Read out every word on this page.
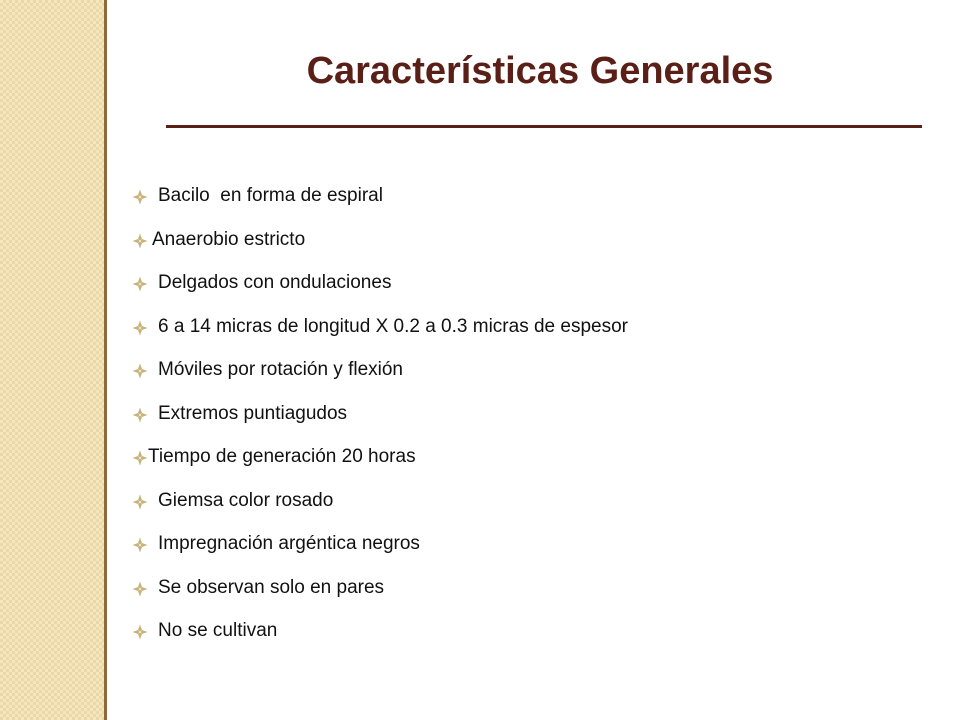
Características Generales
Bacilo  en forma de espiral
Anaerobio estricto
Delgados con ondulaciones
6 a 14 micras de longitud X 0.2 a 0.3 micras de espesor
Móviles por rotación y flexión
Extremos puntiagudos
Tiempo de generación 20 horas
Giemsa color rosado
Impregnación argéntica negros
Se observan solo en pares
No se cultivan
